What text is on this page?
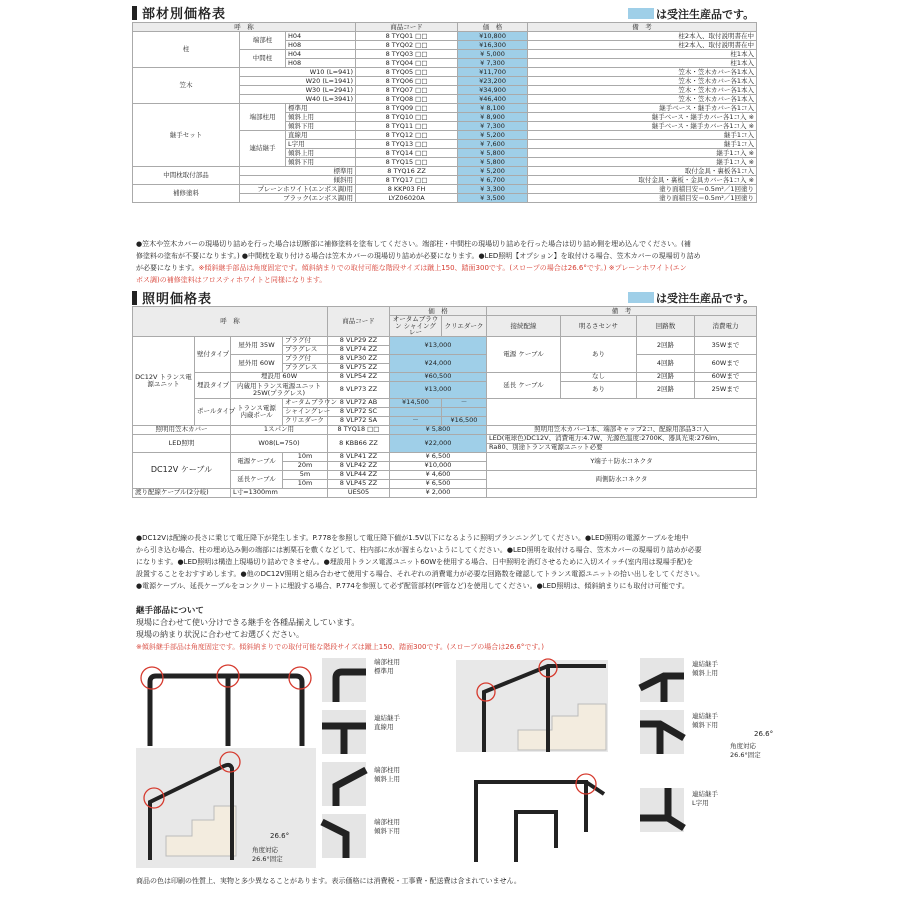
部材別価格表	は受注生産品です。
呼　称			商品コード	価　格	備　考
柱	端部柱	H04	8 TYQ01 □□	¥10,800	柱2本入、取付説明書在中
		H08	8 TYQ02 □□	¥16,300	柱2本入、取付説明書在中
	中間柱	H04	8 TYQ03 □□	¥ 5,000	柱1本入
		H08	8 TYQ04 □□	¥ 7,300	柱1本入
笠木	W10 (L=941)		8 TYQ05 □□	¥11,700	笠木・笠木カバー各1本入
	W20 (L=1941)		8 TYQ06 □□	¥23,200	笠木・笠木カバー各1本入
	W30 (L=2941)		8 TYQ07 □□	¥34,900	笠木・笠木カバー各1本入
	W40 (L=3941)		8 TYQ08 □□	¥46,400	笠木・笠木カバー各1本入
継手セット	端部柱用	標準用	8 TYQ09 □□	¥ 8,100	継手ベース・継手カバー各1コ入
		傾斜上用	8 TYQ10 □□	¥ 8,900	継手ベース・継手カバー各1コ入 ※
		傾斜下用	8 TYQ11 □□	¥ 7,300	継手ベース・継手カバー各1コ入 ※
	連結継手	直線用	8 TYQ12 □□	¥ 5,200	継手1コ入
		L字用	8 TYQ13 □□	¥ 7,600	継手1コ入
		傾斜上用	8 TYQ14 □□	¥ 5,800	継手1コ入 ※
		傾斜下用	8 TYQ15 □□	¥ 5,800	継手1コ入 ※
中間枕取付部品	標準用		8 TYQ16 ZZ	¥ 5,200	取付金具・裏板各1コ入
	傾斜用		8 TYQ17 □□	¥ 6,700	取付金具・裏板・金具カバー各1コ入 ※
補修塗料	プレーンホワイト(エンボス調)用		8 KKP03 FH	¥ 3,300	塗り面積目安＝0.5m²／1回塗り
	ブラック(エンボス調)用		LYZ06020A	¥ 3,500	塗り面積目安＝0.5m²／1回塗り
●笠木や笠木カバーの現場切り詰めを行った場合は切断部に補修塗料を塗布してください。端部柱・中間柱の現場切り詰めを行った場合は切り詰め側を埋め込んでください。(補
修塗料の塗布が不要になります。) ●中間枕を取り付ける場合は笠木カバーの現場切り詰めが必要になります。●LED照明【オプション】を取付ける場合、笠木カバーの現場切り詰め
が必要になります。※傾斜継手部品は角度固定です。傾斜納まりでの取付可能な階段サイズは蹴上150、踏面300です。(スロープの場合は26.6°です。) ※プレーンホワイト(エン
ボス調)の補修塗料はフロスティホワイトと同様になります。
照明価格表	は受注生産品です。
呼　称				商品コード	価　格		備　考			
					オータムブラウン シャイングレー	クリエダーク	接続配線	明るさセンサ	回路数	消費電力
DC12V トランス電源ユニット	壁付タイプ	屋外用 35W	プラグ付	8 VLP29 ZZ	¥13,000		電源 ケーブル	あり	2回路	35Wまで
			プラグレス	8 VLP74 ZZ						
		屋外用 60W	プラグ付	8 VLP30 ZZ	¥24,000				4回路	60Wまで
			プラグレス	8 VLP75 ZZ						
	埋設タイプ	埋設用 60W		8 VLP54 ZZ	¥60,500		延長 ケーブル	なし	2回路	60Wまで
		内蔵用トランス電源ユニット 25W(プラグレス)		8 VLP73 ZZ	¥13,000			あり	2回路	25Wまで
	ポールタイプ	トランス電源 内蔵ポール	オータムブラウン	8 VLP72 AB	¥14,500	－				
			シャイングレー	8 VLP72 SC						
			クリエダーク	8 VLP72 SA	－	¥16,500				
照明用笠木カバー		1スパン用		8 TYQ18 □□	¥ 5,800		照明用笠木カバー1本、端部キャップ2コ、配線用部品3コ入			
LED照明		W08(L=750)		8 KBB66 ZZ	¥22,000		LED(電球色)DC12V、消費電力:4.7W、光源色温度:2700K、器具光束:276lm、			
							Ra80、別途トランス電源ユニット必要			
DC12V ケーブル		電源ケーブル	10m	8 VLP41 ZZ	¥ 6,500		Y端子＋防水コネクタ			
			20m	8 VLP42 ZZ	¥10,000					
		延長ケーブル	5m	8 VLP44 ZZ	¥ 4,600		両側防水コネクタ			
			10m	8 VLP45 ZZ	¥ 6,500					
渡り配線ケーブル(2分岐)		L寸=1300mm		UES05	¥ 2,000					
●DC12Vは配線の長さに乗じて電圧降下が発生します。P.778を参照して電圧降下値が1.5V以下になるように照明プランニングしてください。●LED照明の電源ケーブルを地中
から引き込む場合、柱の埋め込み側の端部には割栗石を敷くなどして、柱内部に水が溜まらないようにしてください。●LED照明を取付ける場合、笠木カバーの現場切り詰めが必要
になります。●LED照明は構造上現場切り詰めできません。●埋設用トランス電源ユニット60Wを使用する場合、日中照明を消灯させるために入切スイッチ(室内用は現場手配)を
設置することをおすすめします。●他のDC12V照明と組み合わせて使用する場合、それぞれの消費電力が必要な回路数を確認してトランス電源ユニットの拾い出しをしてください。
●電源ケーブル、延長ケーブルをコンクリートに埋設する場合、P.774を参照して必ず配管部材(PF管など)を使用してください。●LED照明は、傾斜納まりにも取付け可能です。
継手部品について
現場に合わせて使い分けできる継手を各種品揃えしています。
現場の納まり状況に合わせてお選びください。
※傾斜継手部品は角度固定です。傾斜納まりでの取付可能な階段サイズは蹴上150、踏面300です。(スロープの場合は26.6°です。)
端部柱用
標準用
連結継手
直線用
端部柱用
傾斜上用
端部柱用
傾斜下用
26.6°
角度対応
26.6°固定
連結継手
傾斜上用
連結継手
傾斜下用
連結継手
L字用
26.6°
角度対応
26.6°固定
商品の色は印刷の性質上、実物と多少異なることがあります。表示価格には消費税・工事費・配送費は含まれていません。
